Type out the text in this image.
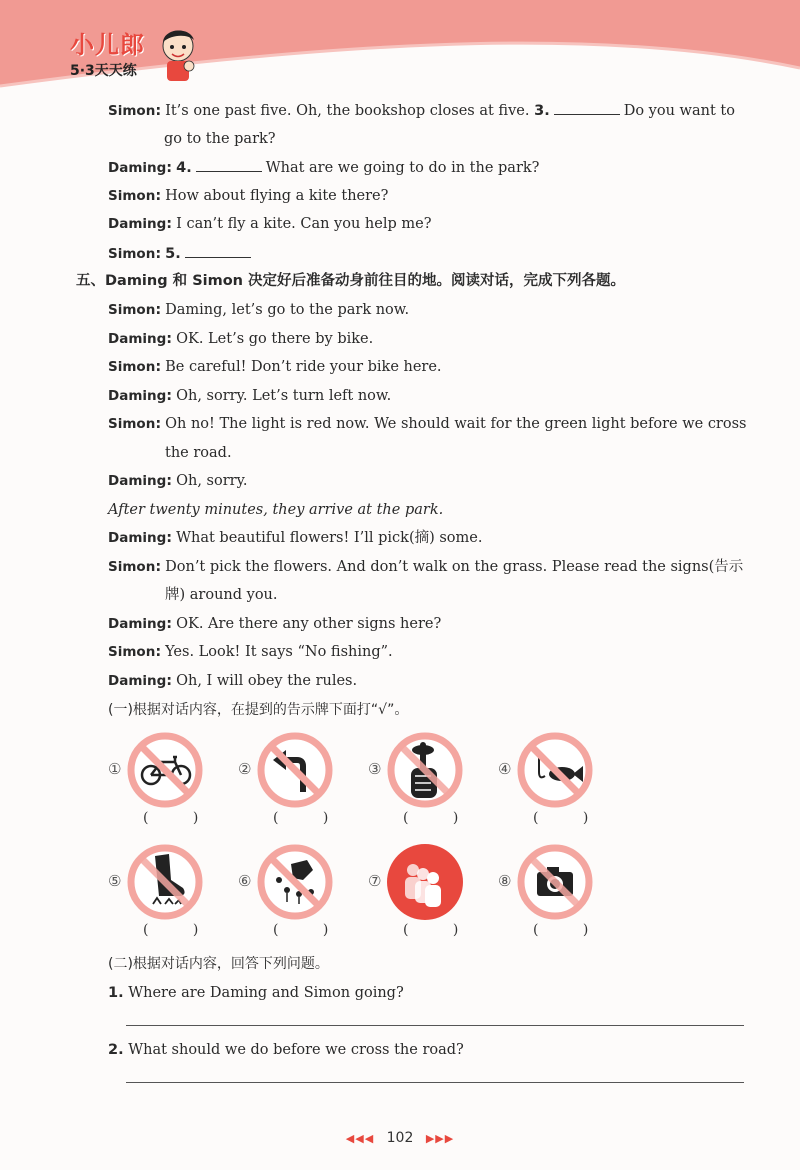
小儿郎
5·3天天练
Simon: It’s one past five. Oh, the bookshop closes at five. 3.	Do you want to
go to the park?
Daming: 4.	What are we going to do in the park?
Simon: How about flying a kite there?
Daming: I can’t fly a kite. Can you help me?
Simon: 5.
五、Daming 和 Simon 决定好后准备动身前往目的地。阅读对话，完成下列各题。
Simon: Daming, let’s go to the park now.
Daming: OK. Let’s go there by bike.
Simon: Be careful! Don’t ride your bike here.
Daming: Oh, sorry. Let’s turn left now.
Simon: Oh no! The light is red now. We should wait for the green light before we cross
the road.
Daming: Oh, sorry.
After twenty minutes, they arrive at the park.
Daming: What beautiful flowers! I’ll pick(摘) some.
Simon: Don’t pick the flowers. And don’t walk on the grass. Please read the signs(告示
牌) around you.
Daming: OK. Are there any other signs here?
Simon: Yes. Look! It says “No fishing”.
Daming: Oh, I will obey the rules.
(一)根据对话内容，在提到的告示牌下面打“√”。
①
( )
②
( )
③
( )
④
( )
⑤
( )
⑥
( )
⑦
( )
⑧
( )
(二)根据对话内容，回答下列问题。
1. Where are Daming and Simon going?
2. What should we do before we cross the road?
◀◀◀ 102 ▶▶▶
